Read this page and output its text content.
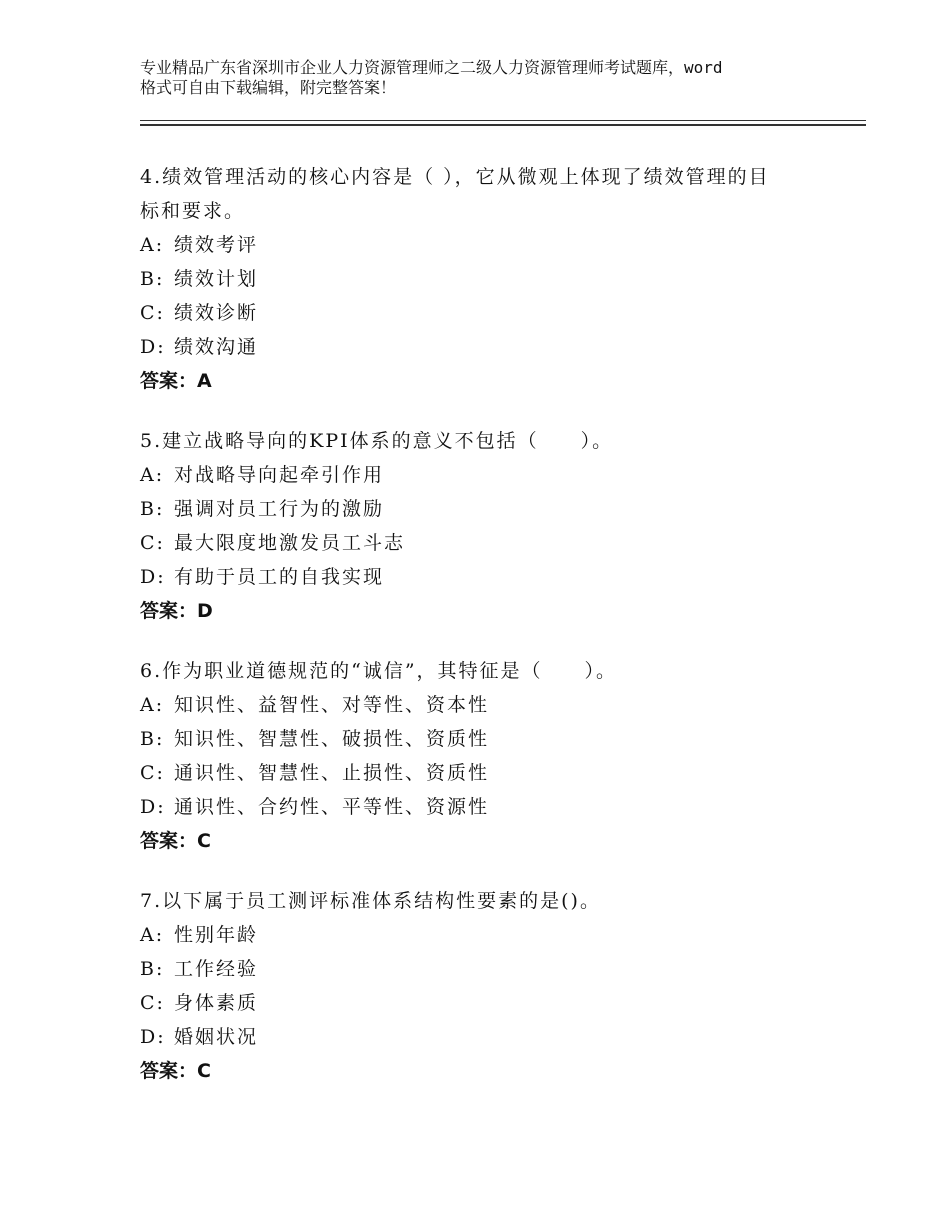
专业精品广东省深圳市企业人力资源管理师之二级人力资源管理师考试题库，word
格式可自由下载编辑，附完整答案！

4.绩效管理活动的核心内容是（ ），它从微观上体现了绩效管理的目
标和要求。

A: 绩效考评

B: 绩效计划

C: 绩效诊断

D: 绩效沟通

答案：A

5.建立战略导向的KPI体系的意义不包括（　　）。

A: 对战略导向起牵引作用

B: 强调对员工行为的激励

C: 最大限度地激发员工斗志

D: 有助于员工的自我实现

答案：D

6.作为职业道德规范的“诚信”，其特征是（　　）。

A: 知识性、益智性、对等性、资本性

B: 知识性、智慧性、破损性、资质性

C: 通识性、智慧性、止损性、资质性

D: 通识性、合约性、平等性、资源性

答案：C

7.以下属于员工测评标准体系结构性要素的是()。

A: 性别年龄

B: 工作经验

C: 身体素质

D: 婚姻状况

答案：C
